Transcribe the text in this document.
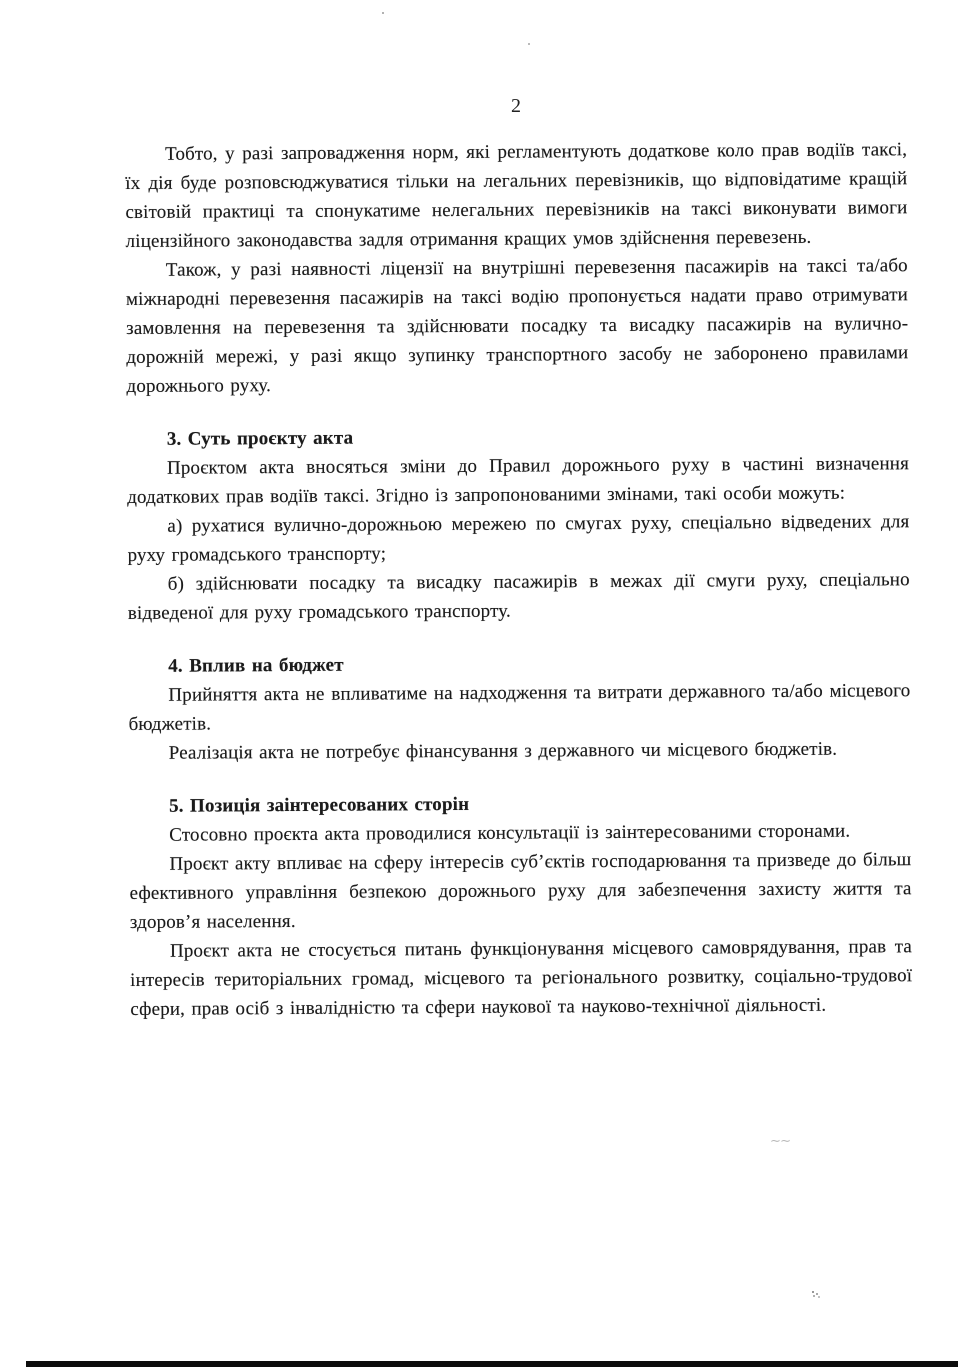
2

Тобто, у разі запровадження норм, які регламентують додаткове коло прав водіїв таксі, їх дія буде розповсюджуватися тільки на легальних перевізників, що відповідатиме кращій світовій практиці та спонукатиме нелегальних перевізників на таксі виконувати вимоги ліцензійного законодавства задля отримання кращих умов здійснення перевезень.

Також, у разі наявності ліцензії на внутрішні перевезення пасажирів на таксі та/або міжнародні перевезення пасажирів на таксі водію пропонується надати право отримувати замовлення на перевезення та здійснювати посадку та висадку пасажирів на вулично-дорожній мережі, у разі якщо зупинку транспортного засобу не заборонено правилами дорожнього руху.

3. Суть проєкту акта

Проєктом акта вносяться зміни до Правил дорожнього руху в частині визначення додаткових прав водіїв таксі. Згідно із запропонованими змінами, такі особи можуть:

а) рухатися вулично-дорожньою мережею по смугах руху, спеціально відведених для руху громадського транспорту;

б) здійснювати посадку та висадку пасажирів в межах дії смуги руху, спеціально відведеної для руху громадського транспорту.

4. Вплив на бюджет

Прийняття акта не впливатиме на надходження та витрати державного та/або місцевого бюджетів.

Реалізація акта не потребує фінансування з державного чи місцевого бюджетів.

5. Позиція заінтересованих сторін

Стосовно проєкта акта проводилися консультації із заінтересованими сторонами.

Проєкт акту впливає на сферу інтересів суб’єктів господарювання та призведе до більш ефективного управління безпекою дорожнього руху для забезпечення захисту життя та здоров’я населення.

Проєкт акта не стосується питань функціонування місцевого самоврядування, прав та інтересів територіальних громад, місцевого та регіонального розвитку, соціально-трудової сфери, прав осіб з інвалідністю та сфери наукової та науково-технічної діяльності.

∼ ∼
